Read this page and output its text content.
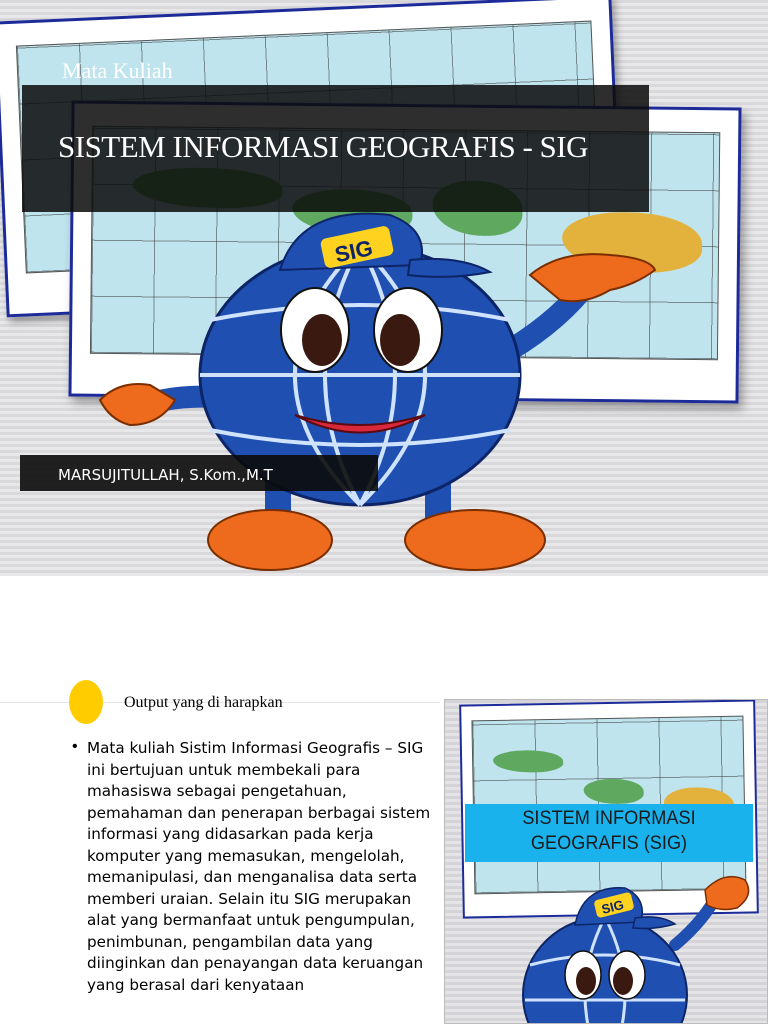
Mata Kuliah
SISTEM INFORMASI GEOGRAFIS - SIG
SIG
MARSUJITULLAH, S.Kom.,M.T
Output yang di harapkan
• Mata kuliah Sistim Informasi Geografis – SIG ini bertujuan untuk membekali para mahasiswa sebagai pengetahuan, pemahaman dan penerapan berbagai sistem informasi yang didasarkan pada kerja komputer yang memasukan, mengelolah, memanipulasi, dan menganalisa data serta memberi uraian. Selain itu SIG merupakan alat yang bermanfaat untuk pengumpulan, penimbunan, pengambilan data yang diinginkan dan penayangan data keruangan yang berasal dari kenyataan
SISTEM INFORMASI GEOGRAFIS (SIG)
SIG
